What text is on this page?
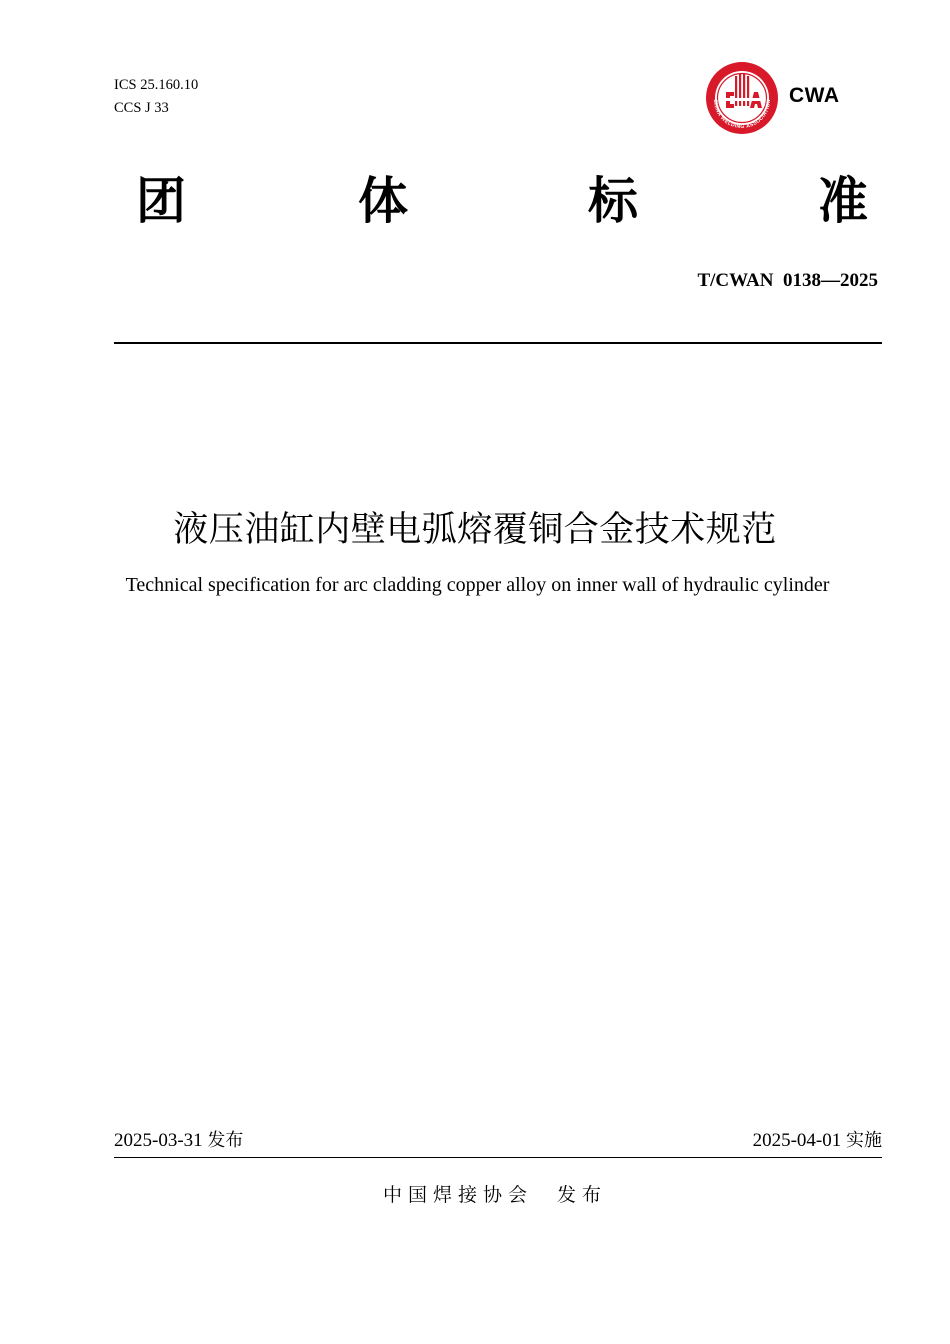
ICS 25.160.10
CCS J 33	CHINA WELDING ASSOCIATION CWA
团	体	标	准
T/CWAN  0138—2025
液压油缸内壁电弧熔覆铜合金技术规范
Technical specification for arc cladding copper alloy on inner wall of hydraulic cylinder
2025-03-31 发布	2025-04-01 实施
中国焊接协会  发布
